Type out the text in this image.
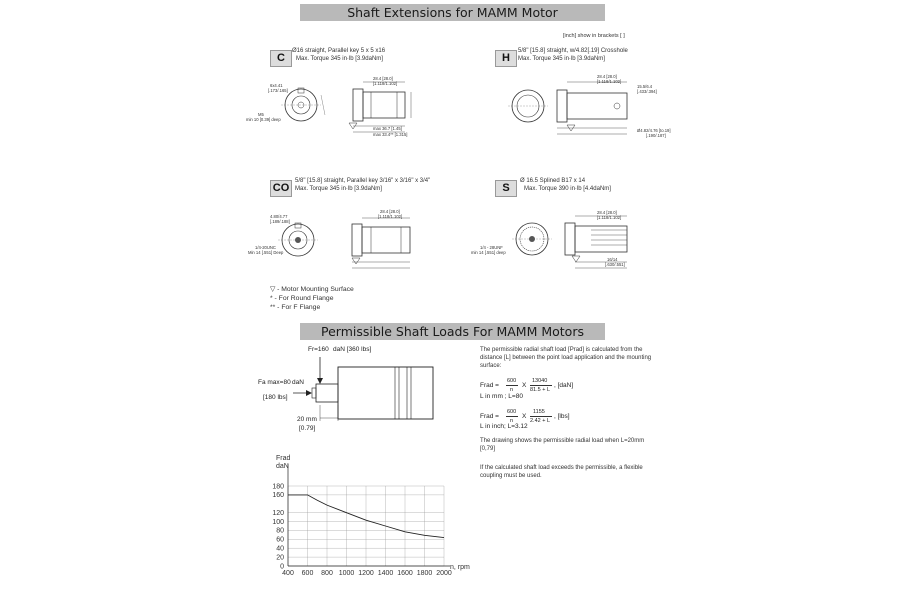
Shaft Extensions for MAMM Motor
[inch] show in brackets [ ]
C
Ø16 straight, Parallel key 5 x 5 x16
Max. Torque 345 in·lb [3.9daNm]
28.4 [28.0]
[1.118/1.102]
max 36.7 [1.45]
max 33.4** [1.315]
6x4.41
[.173/.165]
M5
min 10 [0.39] deep
H
5/8" [15.8] straight, w/4.82[.19] Crosshole
Max. Torque 345 in·lb [3.9daNm]
28.4 [28.0]
[1.118/1.102]
15.5/6.4
[.433/.394]
Ø4.82/4.76 [to.19]
[.190/.187]
CO
5/8" [15.8] straight, Parallel key 3/16" x 3/16" x 3/4"
Max. Torque 345 in·lb [3.9daNm]
28.4 [28.0]
[1.118/1.102]
4.80/4.77
[.189/.188]
1/4-20UNC
Min 14 [.551] Deep
S
Ø 16.5 Splined B17 x 14
Max. Torque 390 in·lb [4.4daNm]
28.4 [28.0]
[1.118/1.102]
16/14
[.630/.551]
1/4 - 28UNF
min 14 [.551] deep
▽ - Motor Mounting Surface
* - For Round Flange
** - For F Flange
Permissible Shaft Loads For MAMM Motors
Fr=160 daN [360 lbs]
Fa max=80 daN
[180 lbs]
20 mm
[0.79]
The permissible radial shaft load [Prad] is calculated from the distance [L] between the point load application and the mounting surface:
Frad =
600
n
X
13040
81.5 + L
, [daN]
L in mm ; L=80
Frad =
600
n
X
1155
2.42 + L
, [lbs]
L in inch; L=3.12
The drawing shows the permissible radial load when L=20mm [0,79]
If the calculated shaft load exceeds the permissible, a flexible coupling must be used.
0
20
40
60
80
100
120
160
180
400 600 800 1000 1200 1400 1600 1800 2000
Frad
daN
n, rpm
